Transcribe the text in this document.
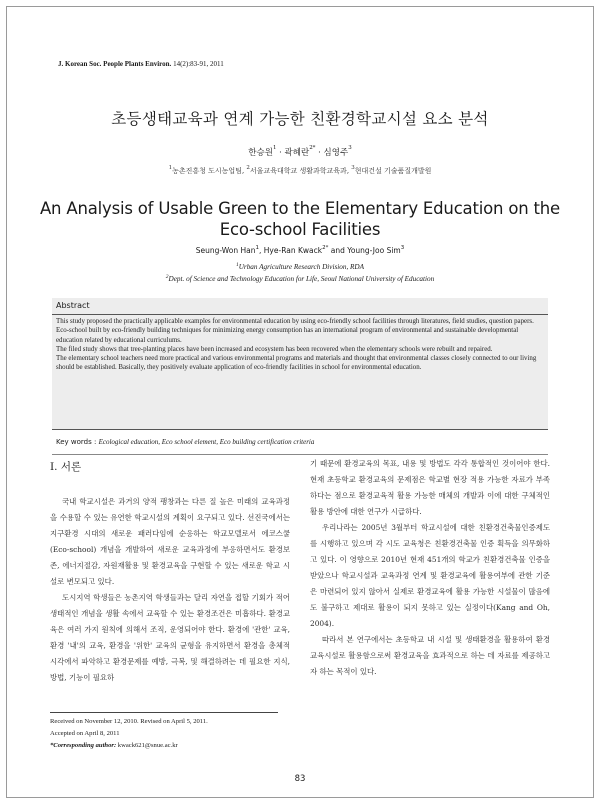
J. Korean Soc. People Plants Environ. 14(2):83-91, 2011
초등생태교육과 연계 가능한 친환경학교시설 요소 분석
한승원$^1$ · 곽혜란$^{2*}$ · 심영주$^3$
$^1$농촌진흥청 도시농업팀, $^2$서울교육대학교 생활과학교육과, $^3$현대건설 기술품질개발원
An Analysis of Usable Green to the Elementary Education on the
Eco-school Facilities
Seung-Won Han$^1$, Hye-Ran Kwack$^{2*}$ and Young-Joo Sim$^3$
$^1$Urban Agriculture Research Division, RDA
$^2$Dept. of Science and Technology Education for Life, Seoul National University of Education
Abstract

This study proposed the practically applicable examples for environmental education by using eco-friendly school facilities through literatures, field studies, question papers. Eco-school built by eco-friendly building techniques for minimizing energy consumption has an international program of environmental and sustainable developmental education related by educational curriculums.

The filed study shows that tree-planting places have been increased and ecosystem has been recovered when the elementary schools were rebuilt and repaired.

The elementary school teachers need more practical and various environmental programs and materials and thought that environmental classes closely connected to our living should be established. Basically, they positively evaluate application of eco-friendly facilities in school for environmental education.

Key words : Ecological education, Eco school element, Eco building certification criteria
Ⅰ. 서론

국내 학교시설은 과거의 양적 팽창과는 다른 질 높은 미래의 교육과정을 수용할 수 있는 유연한 학교시설의 계획이 요구되고 있다. 선진국에서는 지구환경 시대의 새로운 패러다임에 순응하는 학교모델로서 에코스쿨(Eco-school) 개념을 개발하여 새로운 교육과정에 부응하면서도 환경보존, 에너지절감, 자원재활용 및 환경교육을 구현할 수 있는 새로운 학교 시설로 변모되고 있다.

도시지역 학생들은 농촌지역 학생들과는 달리 자연을 접할 기회가 적어 생태적인 개념을 생활 속에서 교육할 수 있는 환경조건은 미흡하다. 환경교육은 여러 가지 원칙에 의해서 조직, 운영되어야 한다. 환경에 '관한' 교육, 환경 '내'의 교육, 환경을 '위한' 교육의 균형을 유지하면서 환경을 총체적 시각에서 파악하고 환경문제를 예방, 극복, 및 해결하려는 데 필요한 지식, 방법, 기능이 필요하

기 때문에 환경교육의 목표, 내용 및 방법도 각각 통합적인 것이어야 한다. 현재 초등학교 환경교육의 문제점은 학교별 현장 적용 가능한 자료가 부족하다는 점으로 환경교육적 활용 가능한 매체의 개발과 이에 대한 구체적인 활용 방안에 대한 연구가 시급하다.

우리나라는 2005년 3월부터 학교시설에 대한 친환경건축물인증제도를 시행하고 있으며 각 시도 교육청은 친환경건축물 인증 획득을 의무화하고 있다. 이 영향으로 2010년 현재 451개의 학교가 친환경건축물 인증을 받았으나 학교시설과 교육과정 연계 및 환경교육에 활용여부에 관한 기준은 마련되어 있지 않아서 실제로 환경교육에 활용 가능한 시설물이 많음에도 불구하고 제대로 활용이 되지 못하고 있는 실정이다(Kang and Oh, 2004).

따라서 본 연구에서는 초등학교 내 시설 및 생태환경을 활용하여 환경교육시설로 활용함으로써 환경교육을 효과적으로 하는 데 자료를 제공하고자 하는 목적이 있다.

Received on November 12, 2010. Revised on April 5, 2011.
Accepted on April 8, 2011
*Corresponding author: kwack621@snue.ac.kr
83
